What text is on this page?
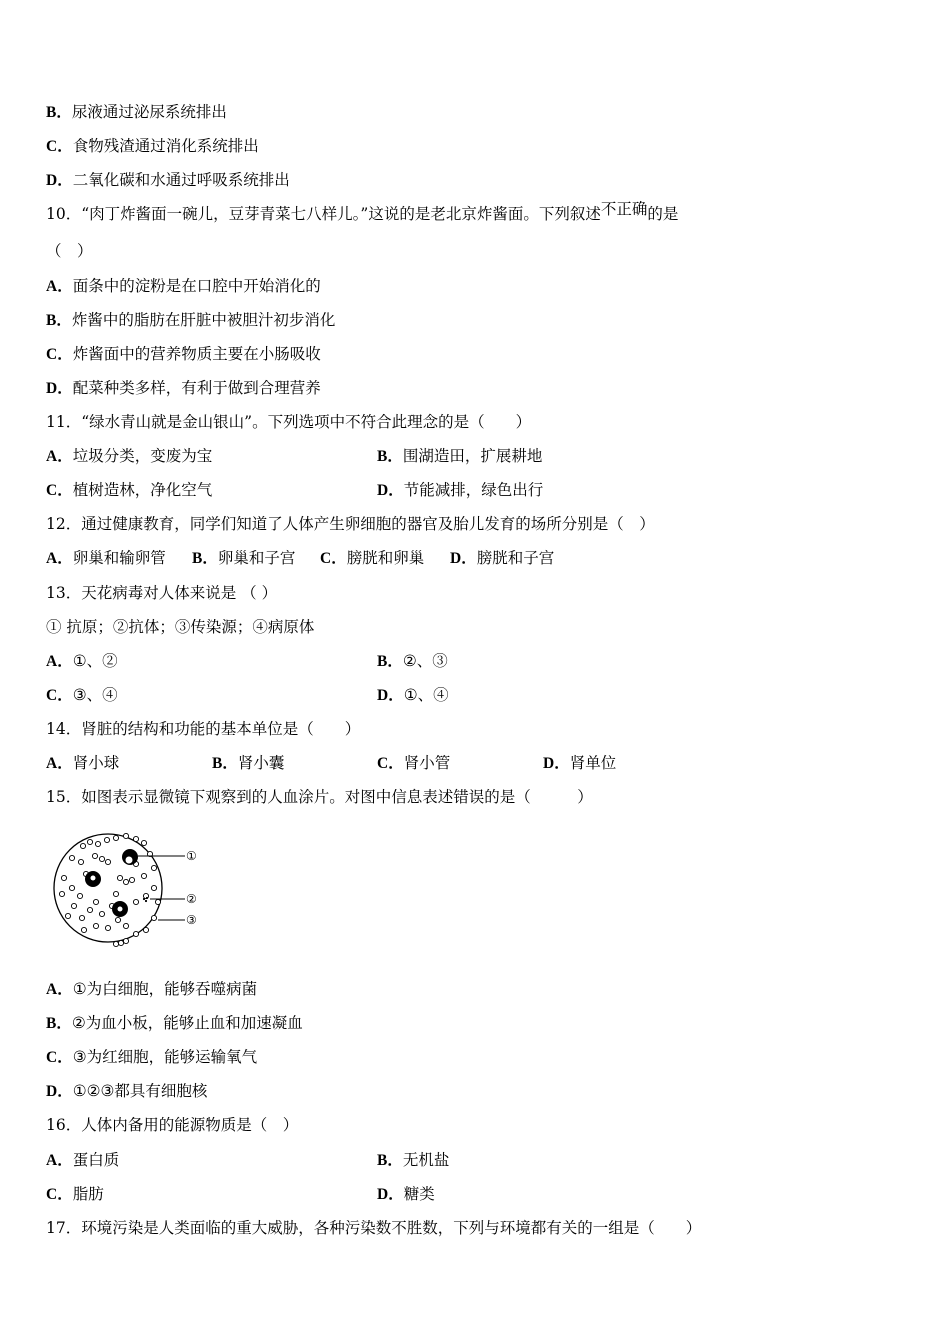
B．尿液通过泌尿系统排出
C．食物残渣通过消化系统排出
D．二氧化碳和水通过呼吸系统排出
10．“肉丁炸酱面一碗儿，豆芽青菜七八样儿。”这说的是老北京炸酱面。下列叙述不正确的是
（　）
A．面条中的淀粉是在口腔中开始消化的
B．炸酱中的脂肪在肝脏中被胆汁初步消化
C．炸酱面中的营养物质主要在小肠吸收
D．配菜种类多样，有利于做到合理营养
11．“绿水青山就是金山银山”。下列选项中不符合此理念的是（　　）
A．垃圾分类，变废为宝	B．围湖造田，扩展耕地
C．植树造林，净化空气	D．节能减排，绿色出行
12．通过健康教育，同学们知道了人体产生卵细胞的器官及胎儿发育的场所分别是（　）
A．卵巢和输卵管 B．卵巢和子宫 C．膀胱和卵巢 D．膀胱和子宫
13．天花病毒对人体来说是 （ ）
① 抗原；②抗体；③传染源；④病原体
A．①、②	B．②、③
C．③、④	D．①、④
14．肾脏的结构和功能的基本单位是（　　）
A．肾小球	B．肾小囊	C．肾小管	D．肾单位
15．如图表示显微镜下观察到的人血涂片。对图中信息表述错误的是（　　　）
①
②
③
A．①为白细胞，能够吞噬病菌
B．②为血小板，能够止血和加速凝血
C．③为红细胞，能够运输氧气
D．①②③都具有细胞核
16．人体内备用的能源物质是（　）
A．蛋白质	B．无机盐
C．脂肪	D．糖类
17．环境污染是人类面临的重大威胁，各种污染数不胜数，下列与环境都有关的一组是（　　）
